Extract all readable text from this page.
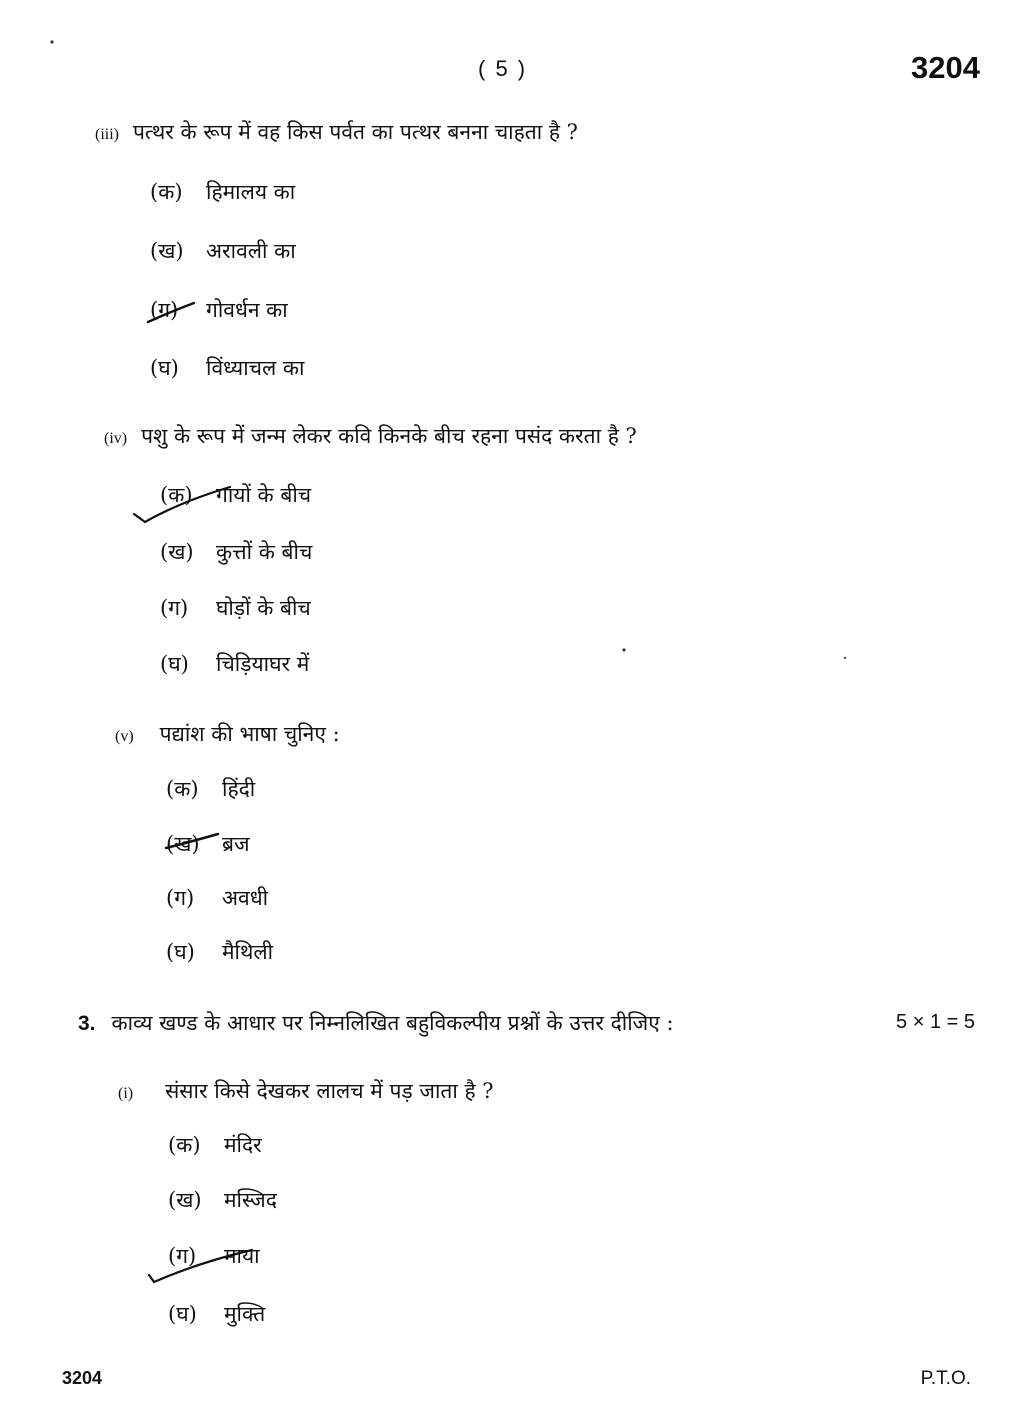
( 5 )	3204
(iii) पत्थर के रूप में वह किस पर्वत का पत्थर बनना चाहता है ?
(क) हिमालय का
(ख) अरावली का
(ग) गोवर्धन का
(घ) विंध्याचल का
(iv) पशु के रूप में जन्म लेकर कवि किनके बीच रहना पसंद करता है ?
(क) गायों के बीच
(ख) कुत्तों के बीच
(ग) घोड़ों के बीच
(घ) चिड़ियाघर में
(v) पद्यांश की भाषा चुनिए :
(क) हिंदी
(ख) ब्रज
(ग) अवधी
(घ) मैथिली
3. काव्य खण्ड के आधार पर निम्नलिखित बहुविकल्पीय प्रश्नों के उत्तर दीजिए :	5 × 1 = 5
(i) संसार किसे देखकर लालच में पड़ जाता है ?
(क) मंदिर
(ख) मस्जिद
(ग) माया
(घ) मुक्ति
3204	P.T.O.
